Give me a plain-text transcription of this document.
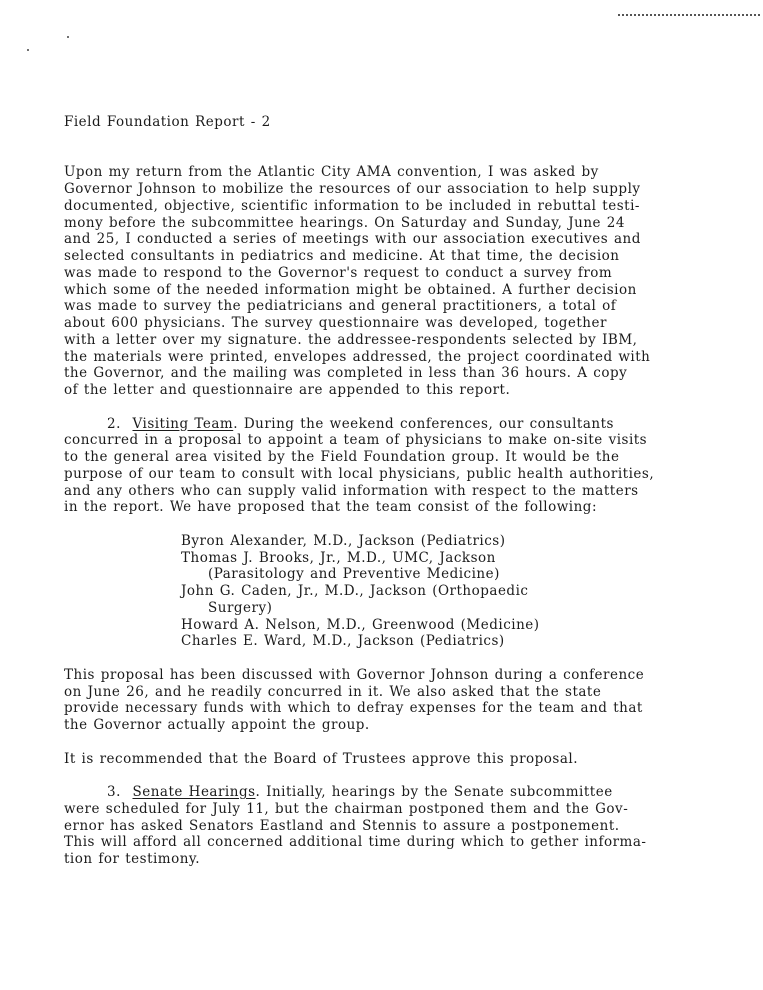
Field Foundation Report - 2
Upon my return from the Atlantic City AMA convention, I was asked by
Governor Johnson to mobilize the resources of our association to help supply
documented, objective, scientific information to be included in rebuttal testi-
mony before the subcommittee hearings. On Saturday and Sunday, June 24
and 25, I conducted a series of meetings with our association executives and
selected consultants in pediatrics and medicine. At that time, the decision
was made to respond to the Governor's request to conduct a survey from
which some of the needed information might be obtained. A further decision
was made to survey the pediatricians and general practitioners, a total of
about 600 physicians. The survey questionnaire was developed, together
with a letter over my signature. the addressee-respondents selected by IBM,
the materials were printed, envelopes addressed, the project coordinated with
the Governor, and the mailing was completed in less than 36 hours. A copy
of the letter and questionnaire are appended to this report.
2. Visiting Team. During the weekend conferences, our consultants
concurred in a proposal to appoint a team of physicians to make on-site visits
to the general area visited by the Field Foundation group. It would be the
purpose of our team to consult with local physicians, public health authorities,
and any others who can supply valid information with respect to the matters
in the report. We have proposed that the team consist of the following:
Byron Alexander, M.D., Jackson (Pediatrics)
Thomas J. Brooks, Jr., M.D., UMC, Jackson
(Parasitology and Preventive Medicine)
John G. Caden, Jr., M.D., Jackson (Orthopaedic
Surgery)
Howard A. Nelson, M.D., Greenwood (Medicine)
Charles E. Ward, M.D., Jackson (Pediatrics)
This proposal has been discussed with Governor Johnson during a conference
on June 26, and he readily concurred in it. We also asked that the state
provide necessary funds with which to defray expenses for the team and that
the Governor actually appoint the group.
It is recommended that the Board of Trustees approve this proposal.
3. Senate Hearings. Initially, hearings by the Senate subcommittee
were scheduled for July 11, but the chairman postponed them and the Gov-
ernor has asked Senators Eastland and Stennis to assure a postponement.
This will afford all concerned additional time during which to gether informa-
tion for testimony.
